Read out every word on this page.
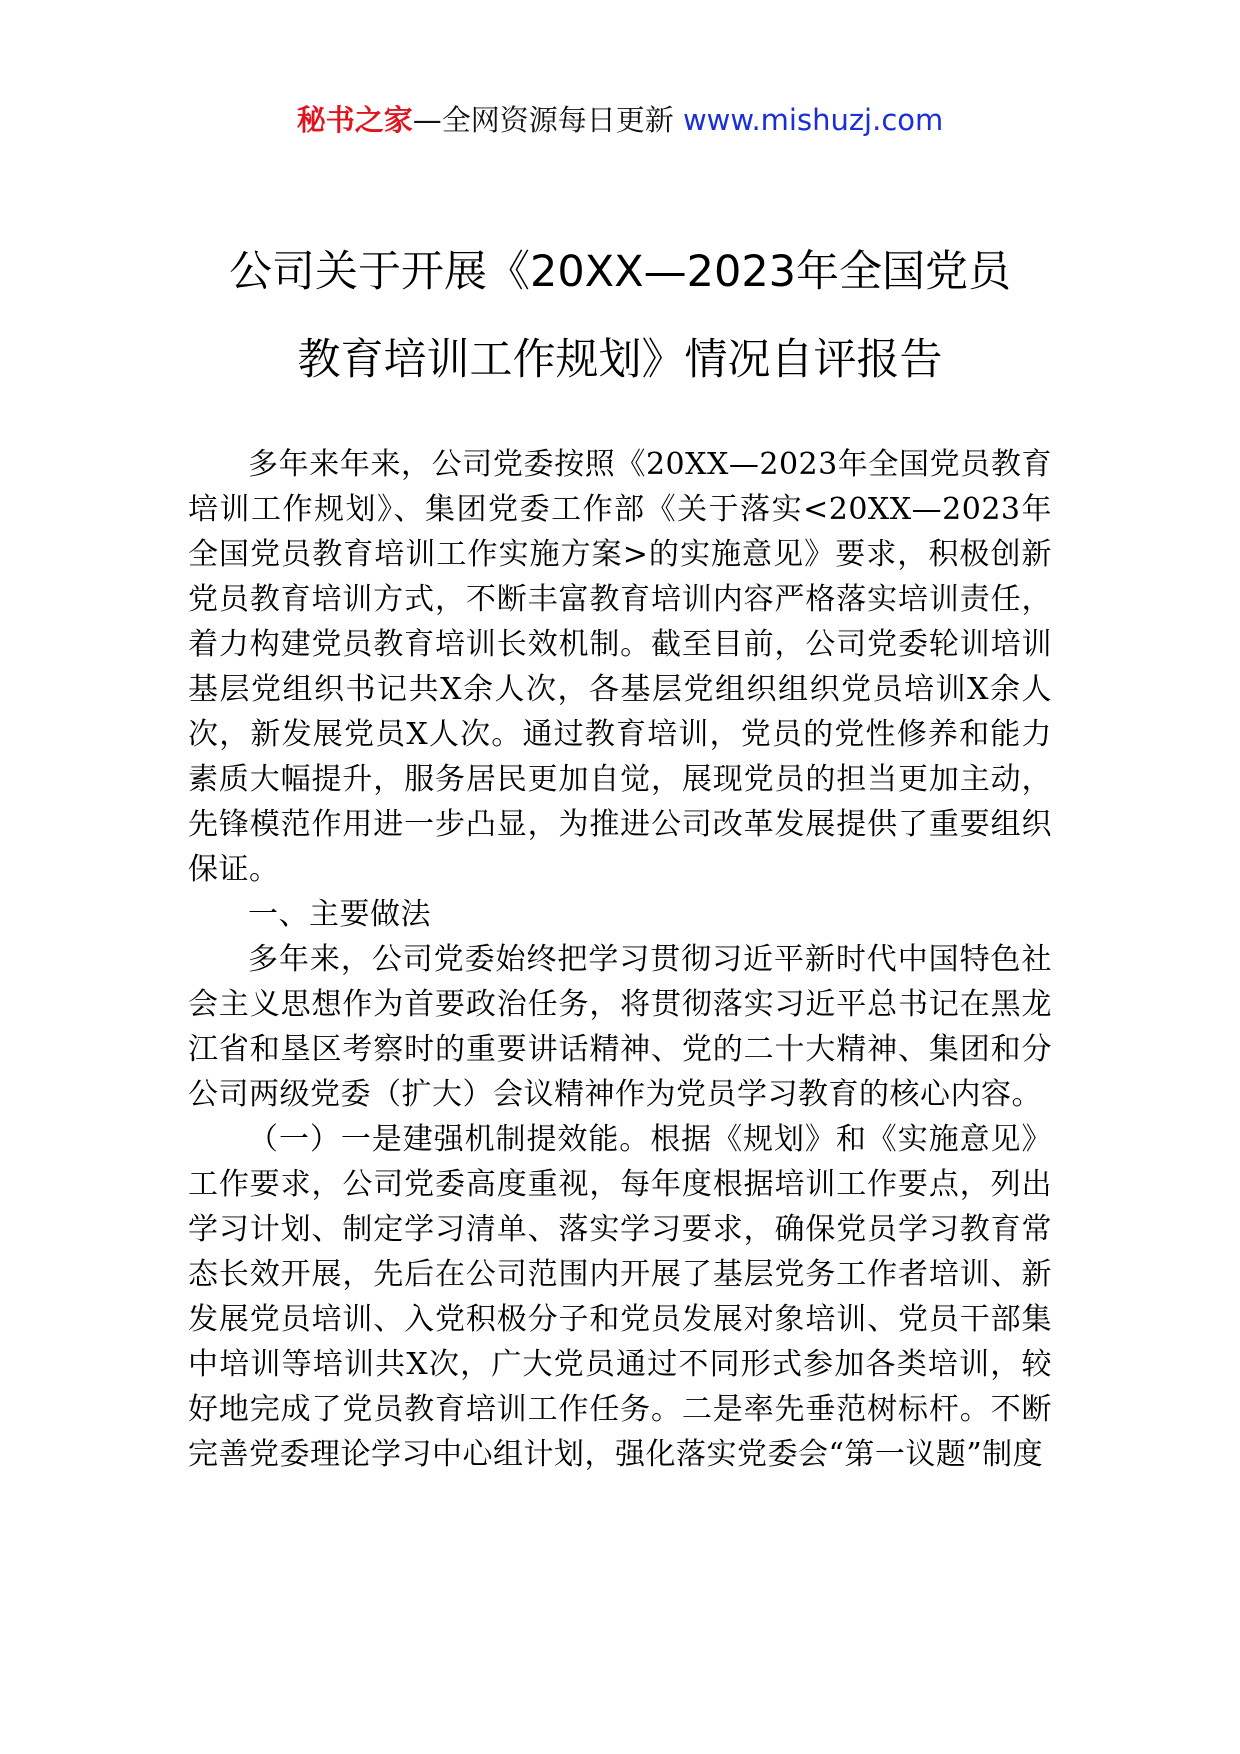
秘书之家—全网资源每日更新 www.mishuzj.com
公司关于开展《20XX—2023年全国党员
教育培训工作规划》情况自评报告

多年来年来，公司党委按照《20XX—2023年全国党员教育培训工作规划》、集团党委工作部《关于落实<20XX—2023年全国党员教育培训工作实施方案>的实施意见》要求，积极创新党员教育培训方式，不断丰富教育培训内容严格落实培训责任，着力构建党员教育培训长效机制。截至目前，公司党委轮训培训基层党组织书记共X余人次，各基层党组织组织党员培训X余人次，新发展党员X人次。通过教育培训，党员的党性修养和能力素质大幅提升，服务居民更加自觉，展现党员的担当更加主动，先锋模范作用进一步凸显，为推进公司改革发展提供了重要组织保证。

一、主要做法

多年来，公司党委始终把学习贯彻习近平新时代中国特色社会主义思想作为首要政治任务，将贯彻落实习近平总书记在黑龙江省和垦区考察时的重要讲话精神、党的二十大精神、集团和分公司两级党委（扩大）会议精神作为党员学习教育的核心内容。

（一）一是建强机制提效能。根据《规划》和《实施意见》工作要求，公司党委高度重视，每年度根据培训工作要点，列出学习计划、制定学习清单、落实学习要求，确保党员学习教育常态长效开展，先后在公司范围内开展了基层党务工作者培训、新发展党员培训、入党积极分子和党员发展对象培训、党员干部集中培训等培训共X次，广大党员通过不同形式参加各类培训，较好地完成了党员教育培训工作任务。二是率先垂范树标杆。不断完善党委理论学习中心组计划，强化落实党委会“第一议题”制度
